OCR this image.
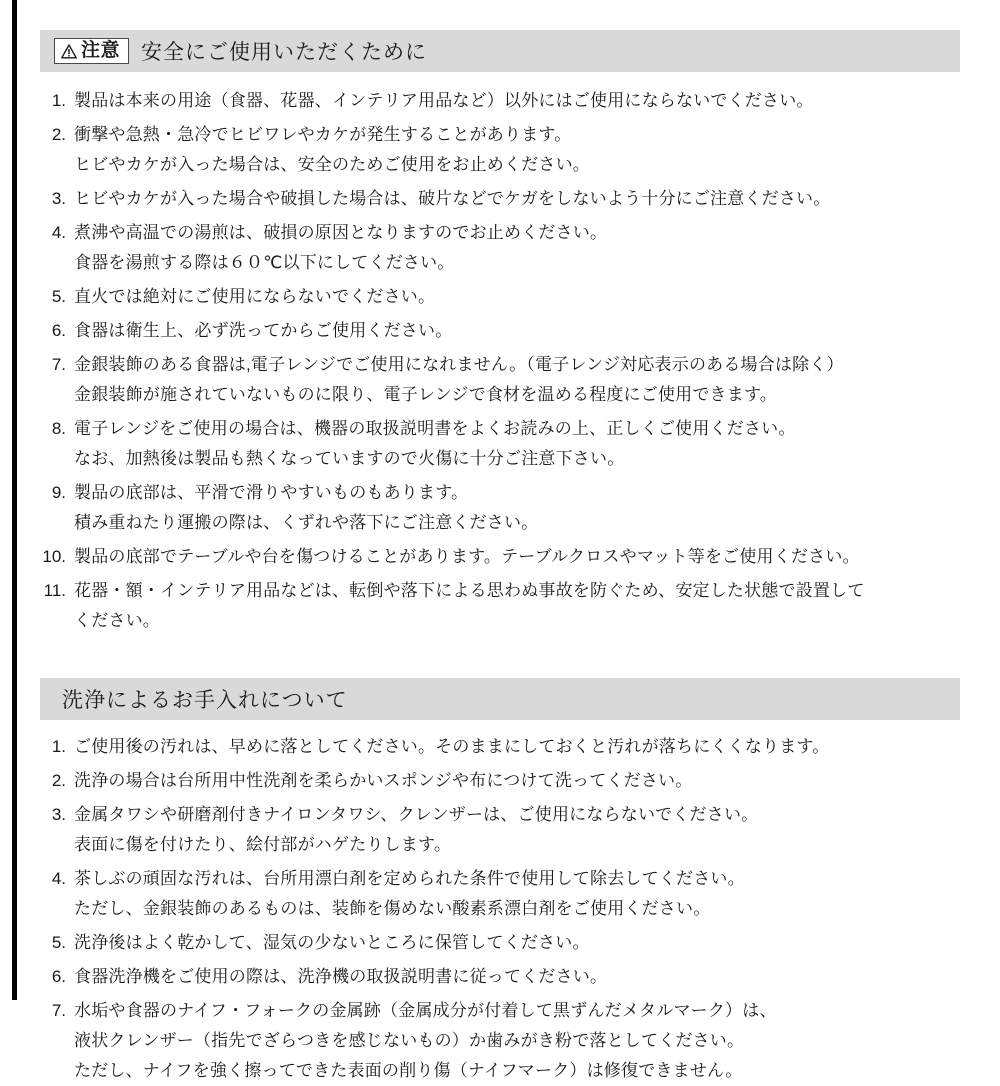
注意 安全にご使用いただくために
1. 製品は本来の用途（食器、花器、インテリア用品など）以外にはご使用にならないでください。
2. 衝撃や急熱・急冷でヒビワレやカケが発生することがあります。
ヒビやカケが入った場合は、安全のためご使用をお止めください。
3. ヒビやカケが入った場合や破損した場合は、破片などでケガをしないよう十分にご注意ください。
4. 煮沸や高温での湯煎は、破損の原因となりますのでお止めください。
食器を湯煎する際は６０℃以下にしてください。
5. 直火では絶対にご使用にならないでください。
6. 食器は衛生上、必ず洗ってからご使用ください。
7. 金銀装飾のある食器は,電子レンジでご使用になれません。（電子レンジ対応表示のある場合は除く）
金銀装飾が施されていないものに限り、電子レンジで食材を温める程度にご使用できます。
8. 電子レンジをご使用の場合は、機器の取扱説明書をよくお読みの上、正しくご使用ください。
なお、加熱後は製品も熱くなっていますので火傷に十分ご注意下さい。
9. 製品の底部は、平滑で滑りやすいものもあります。
積み重ねたり運搬の際は、くずれや落下にご注意ください。
10. 製品の底部でテーブルや台を傷つけることがあります。テーブルクロスやマット等をご使用ください。
11. 花器・額・インテリア用品などは、転倒や落下による思わぬ事故を防ぐため、安定した状態で設置して
ください。
洗浄によるお手入れについて
1. ご使用後の汚れは、早めに落としてください。そのままにしておくと汚れが落ちにくくなります。
2. 洗浄の場合は台所用中性洗剤を柔らかいスポンジや布につけて洗ってください。
3. 金属タワシや研磨剤付きナイロンタワシ、クレンザーは、ご使用にならないでください。
表面に傷を付けたり、絵付部がハゲたりします。
4. 茶しぶの頑固な汚れは、台所用漂白剤を定められた条件で使用して除去してください。
ただし、金銀装飾のあるものは、装飾を傷めない酸素系漂白剤をご使用ください。
5. 洗浄後はよく乾かして、湿気の少ないところに保管してください。
6. 食器洗浄機をご使用の際は、洗浄機の取扱説明書に従ってください。
7. 水垢や食器のナイフ・フォークの金属跡（金属成分が付着して黒ずんだメタルマーク）は、
液状クレンザー（指先でざらつきを感じないもの）か歯みがき粉で落としてください。
ただし、ナイフを強く擦ってできた表面の削り傷（ナイフマーク）は修復できません。
